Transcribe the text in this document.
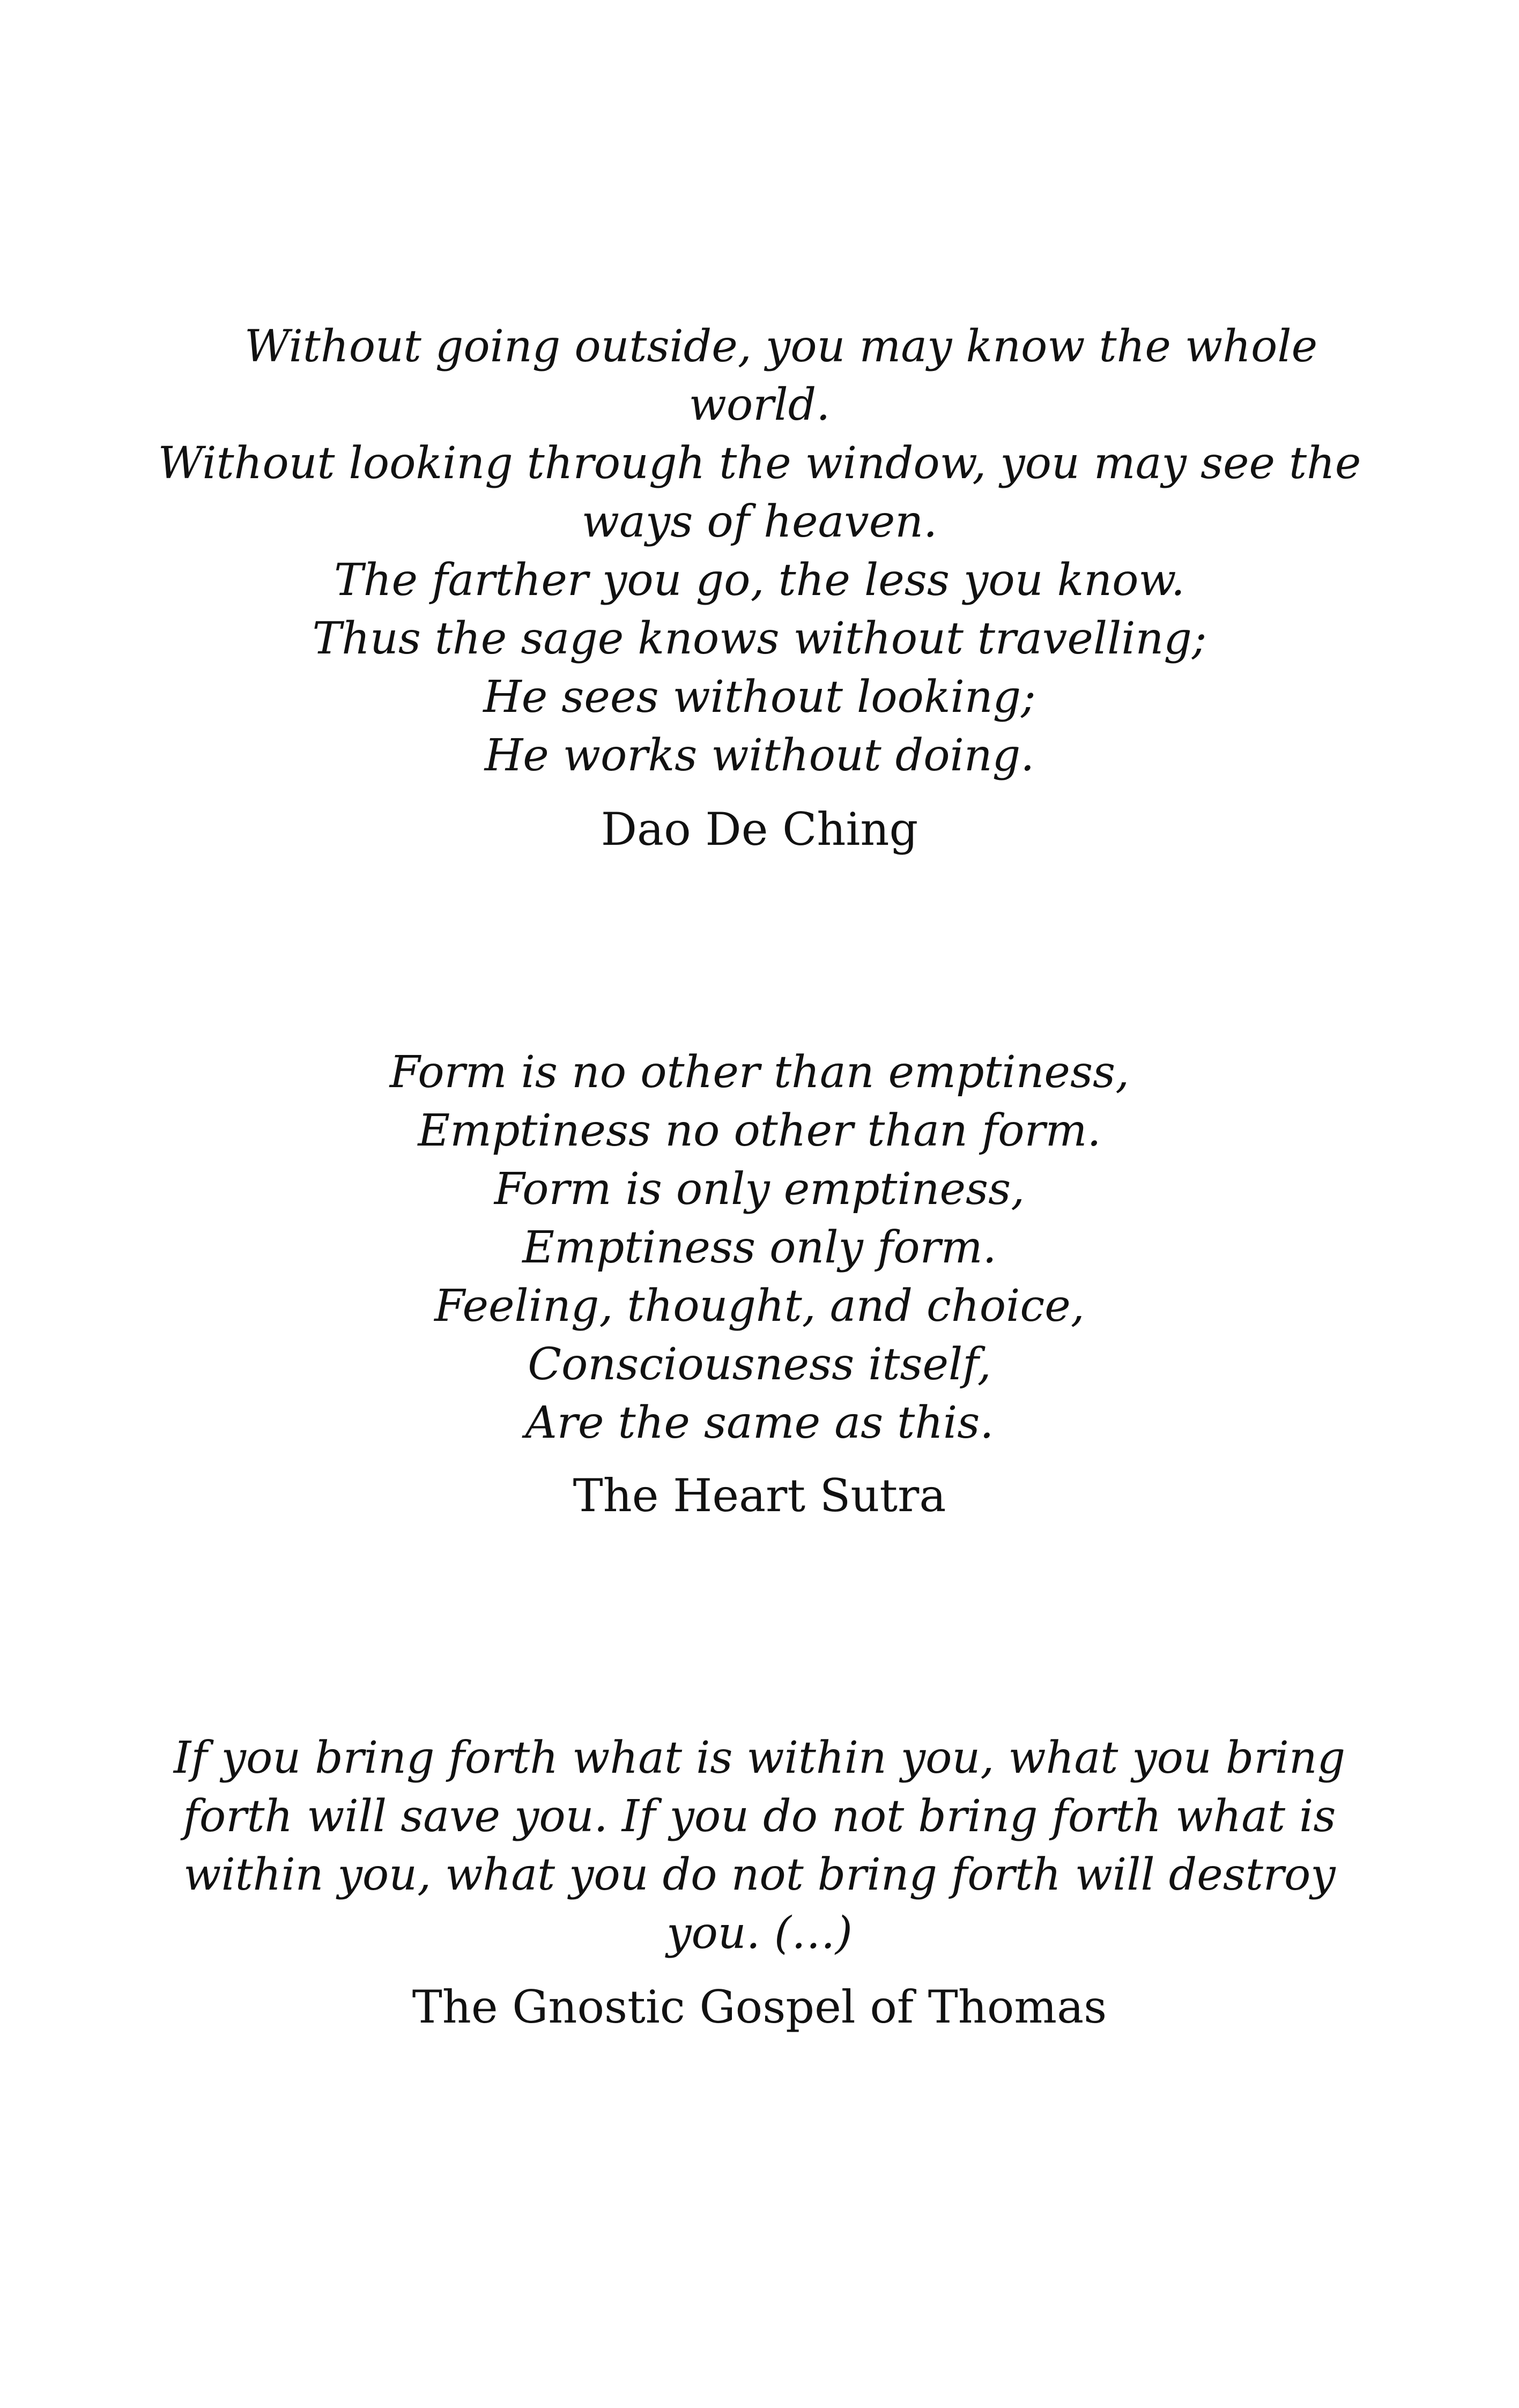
Without going outside, you may know the whole
world.
Without looking through the window, you may see the
ways of heaven.
The farther you go, the less you know.
Thus the sage knows without travelling;
He sees without looking;
He works without doing.
Dao De Ching
Form is no other than emptiness,
Emptiness no other than form.
Form is only emptiness,
Emptiness only form.
Feeling, thought, and choice,
Consciousness itself,
Are the same as this.
The Heart Sutra
If you bring forth what is within you, what you bring
forth will save you. If you do not bring forth what is
within you, what you do not bring forth will destroy
you. (…)
The Gnostic Gospel of Thomas
